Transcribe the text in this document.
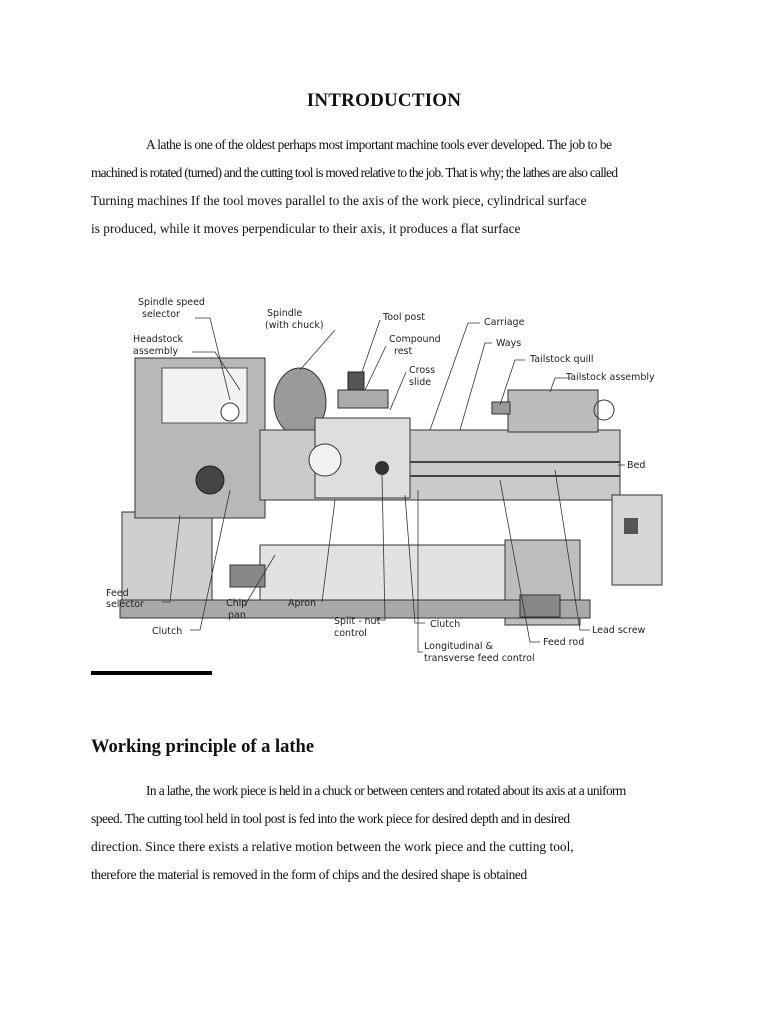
INTRODUCTION
A lathe is one of the oldest perhaps most important machine tools ever developed. The job to be
machined is rotated (turned) and the cutting tool is moved relative to the job. That is why; the lathes are also called
Turning machines If the tool moves parallel to the axis of the work piece, cylindrical surface
is produced, while it moves perpendicular to their axis, it produces a flat surface
Spindle speed
selector
Headstock
assembly
Spindle
(with chuck)
Tool post
Compound
rest
Cross
slide
Carriage
Ways
Tailstock quill
Tailstock assembly
Bed
Feed
selector
Clutch
Chip
pan
Apron
Split - nut
control
Clutch
Longitudinal &
transverse feed control
Feed rod
Lead screw
Working principle of a lathe
In a lathe, the work piece is held in a chuck or between centers and rotated about its axis at a uniform
speed. The cutting tool held in tool post is fed into the work piece for desired depth and in desired
direction. Since there exists a relative motion between the work piece and the cutting tool,
therefore the material is removed in the form of chips and the desired shape is obtained
